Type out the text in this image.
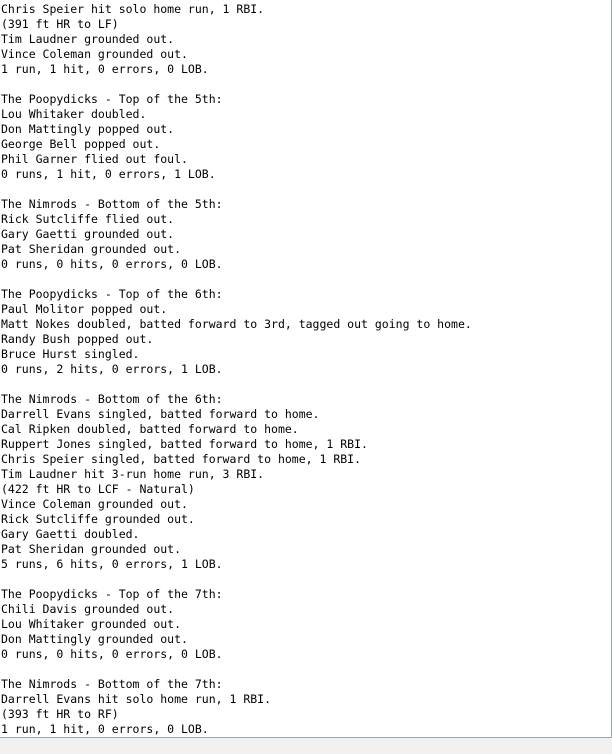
Chris Speier hit solo home run, 1 RBI.
(391 ft HR to LF)
Tim Laudner grounded out.
Vince Coleman grounded out.
1 run, 1 hit, 0 errors, 0 LOB.
The Poopydicks - Top of the 5th:
Lou Whitaker doubled.
Don Mattingly popped out.
George Bell popped out.
Phil Garner flied out foul.
0 runs, 1 hit, 0 errors, 1 LOB.
The Nimrods - Bottom of the 5th:
Rick Sutcliffe flied out.
Gary Gaetti grounded out.
Pat Sheridan grounded out.
0 runs, 0 hits, 0 errors, 0 LOB.
The Poopydicks - Top of the 6th:
Paul Molitor popped out.
Matt Nokes doubled, batted forward to 3rd, tagged out going to home.
Randy Bush popped out.
Bruce Hurst singled.
0 runs, 2 hits, 0 errors, 1 LOB.
The Nimrods - Bottom of the 6th:
Darrell Evans singled, batted forward to home.
Cal Ripken doubled, batted forward to home.
Ruppert Jones singled, batted forward to home, 1 RBI.
Chris Speier singled, batted forward to home, 1 RBI.
Tim Laudner hit 3-run home run, 3 RBI.
(422 ft HR to LCF - Natural)
Vince Coleman grounded out.
Rick Sutcliffe grounded out.
Gary Gaetti doubled.
Pat Sheridan grounded out.
5 runs, 6 hits, 0 errors, 1 LOB.
The Poopydicks - Top of the 7th:
Chili Davis grounded out.
Lou Whitaker grounded out.
Don Mattingly grounded out.
0 runs, 0 hits, 0 errors, 0 LOB.
The Nimrods - Bottom of the 7th:
Darrell Evans hit solo home run, 1 RBI.
(393 ft HR to RF)
1 run, 1 hit, 0 errors, 0 LOB.
